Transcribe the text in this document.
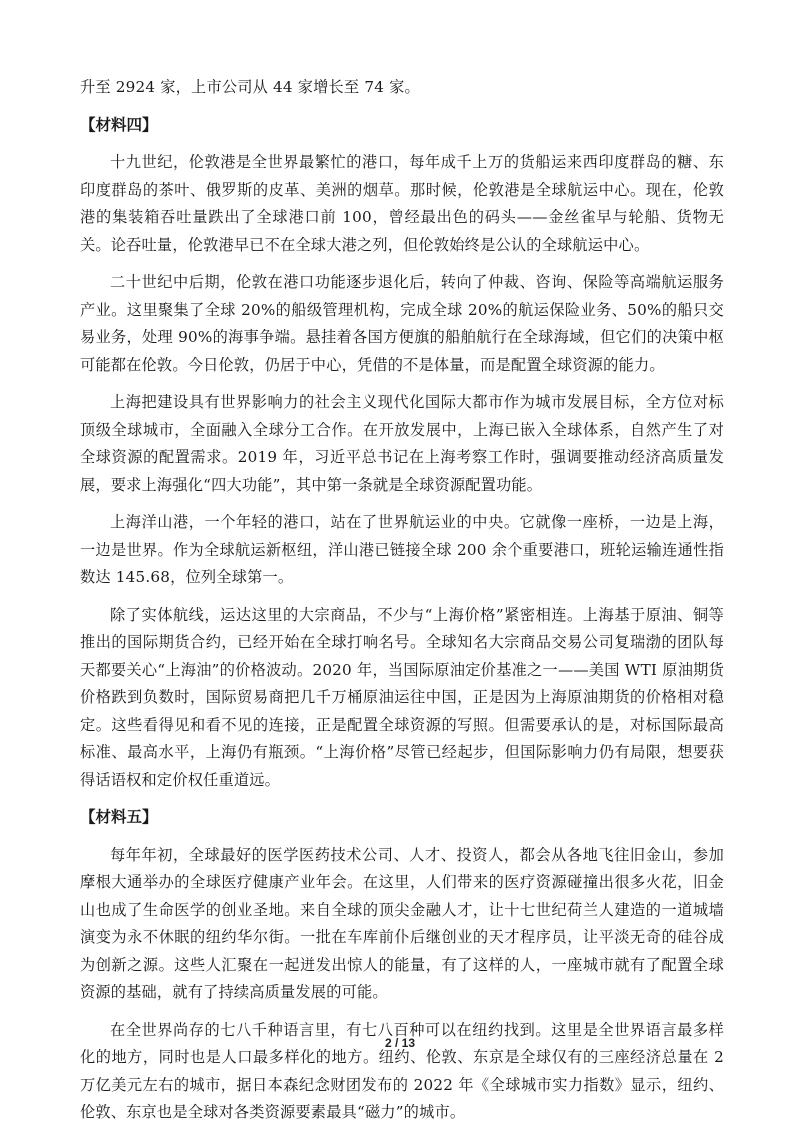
升至 2924 家，上市公司从 44 家增长至 74 家。

【材料四】

十九世纪，伦敦港是全世界最繁忙的港口，每年成千上万的货船运来西印度群岛的糖、东印度群岛的茶叶、俄罗斯的皮革、美洲的烟草。那时候，伦敦港是全球航运中心。现在，伦敦港的集装箱吞吐量跌出了全球港口前 100，曾经最出色的码头——金丝雀早与轮船、货物无关。论吞吐量，伦敦港早已不在全球大港之列，但伦敦始终是公认的全球航运中心。

二十世纪中后期，伦敦在港口功能逐步退化后，转向了仲裁、咨询、保险等高端航运服务产业。这里聚集了全球 20%的船级管理机构，完成全球 20%的航运保险业务、50%的船只交易业务，处理 90%的海事争端。悬挂着各国方便旗的船舶航行在全球海域，但它们的决策中枢可能都在伦敦。今日伦敦，仍居于中心，凭借的不是体量，而是配置全球资源的能力。

上海把建设具有世界影响力的社会主义现代化国际大都市作为城市发展目标，全方位对标顶级全球城市，全面融入全球分工合作。在开放发展中，上海已嵌入全球体系，自然产生了对全球资源的配置需求。2019 年，习近平总书记在上海考察工作时，强调要推动经济高质量发展，要求上海强化“四大功能”，其中第一条就是全球资源配置功能。

上海洋山港，一个年轻的港口，站在了世界航运业的中央。它就像一座桥，一边是上海，一边是世界。作为全球航运新枢纽，洋山港已链接全球 200 余个重要港口，班轮运输连通性指数达 145.68，位列全球第一。

除了实体航线，运达这里的大宗商品，不少与“上海价格”紧密相连。上海基于原油、铜等推出的国际期货合约，已经开始在全球打响名号。全球知名大宗商品交易公司复瑞渤的团队每天都要关心“上海油”的价格波动。2020 年，当国际原油定价基准之一——美国 WTI 原油期货价格跌到负数时，国际贸易商把几千万桶原油运往中国，正是因为上海原油期货的价格相对稳定。这些看得见和看不见的连接，正是配置全球资源的写照。但需要承认的是，对标国际最高标准、最高水平，上海仍有瓶颈。“上海价格”尽管已经起步，但国际影响力仍有局限，想要获得话语权和定价权任重道远。

【材料五】

每年年初，全球最好的医学医药技术公司、人才、投资人，都会从各地飞往旧金山，参加摩根大通举办的全球医疗健康产业年会。在这里，人们带来的医疗资源碰撞出很多火花，旧金山也成了生命医学的创业圣地。来自全球的顶尖金融人才，让十七世纪荷兰人建造的一道城墙演变为永不休眠的纽约华尔街。一批在车库前仆后继创业的天才程序员，让平淡无奇的硅谷成为创新之源。这些人汇聚在一起迸发出惊人的能量，有了这样的人，一座城市就有了配置全球资源的基础，就有了持续高质量发展的可能。

在全世界尚存的七八千种语言里，有七八百种可以在纽约找到。这里是全世界语言最多样化的地方，同时也是人口最多样化的地方。纽约、伦敦、东京是全球仅有的三座经济总量在 2 万亿美元左右的城市，据日本森纪念财团发布的 2022 年《全球城市实力指数》显示，纽约、伦敦、东京也是全球对各类资源要素最具“磁力”的城市。

2 / 13
